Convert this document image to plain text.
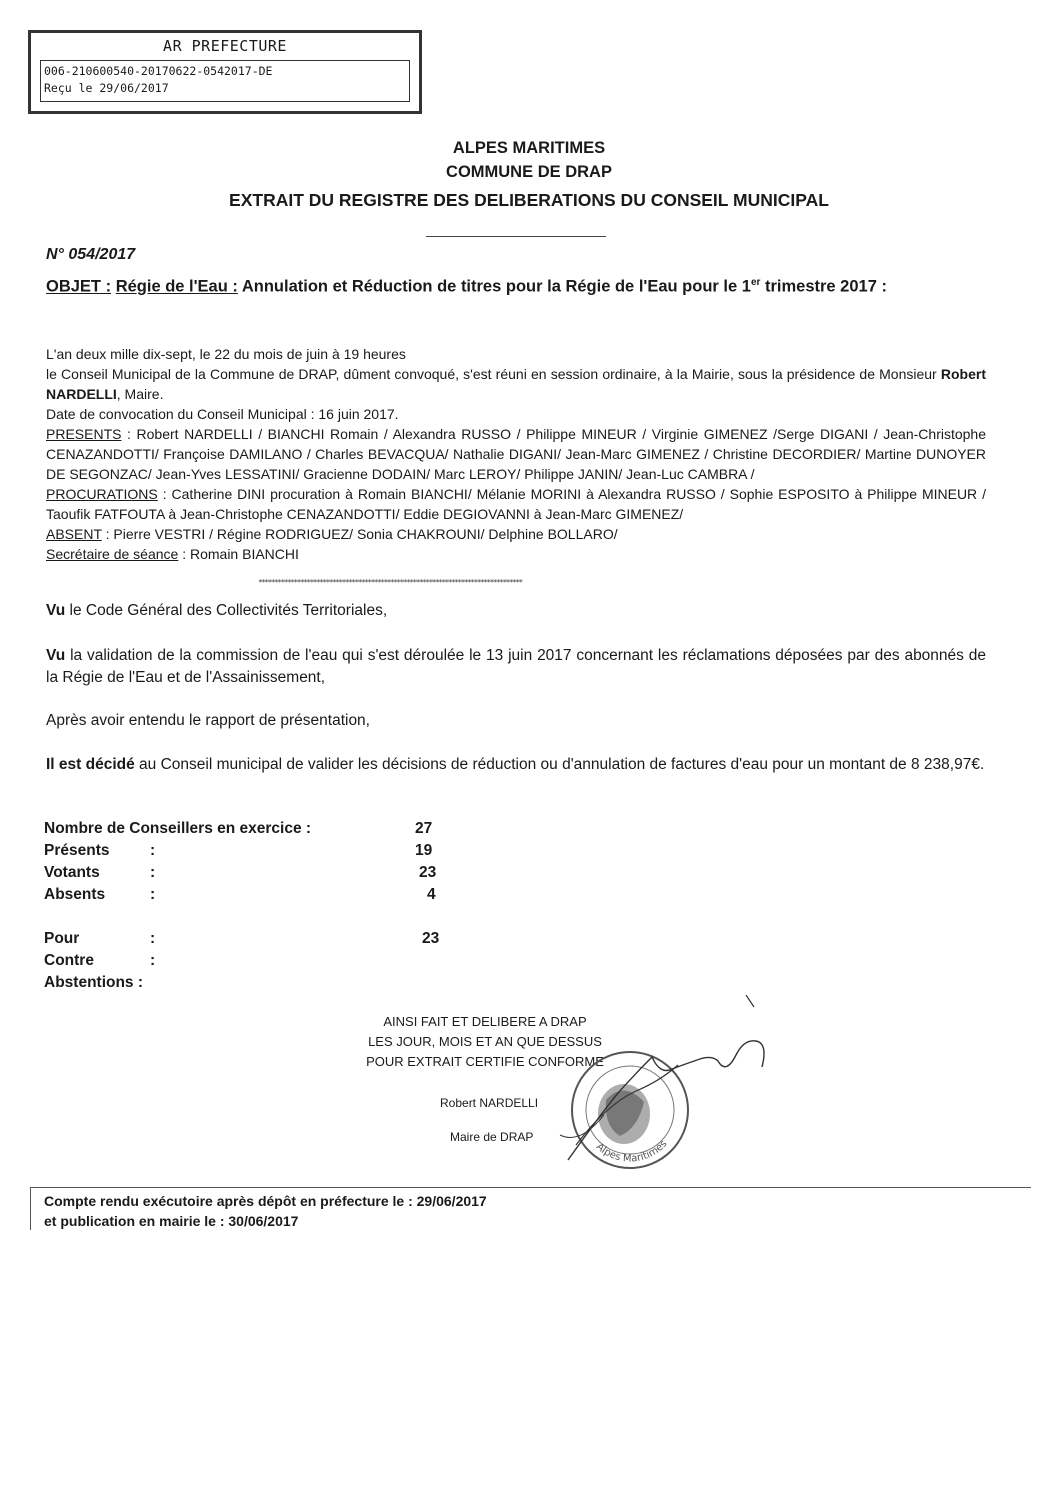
AR PREFECTURE
006-210600540-20170622-0542017-DE
Reçu le 29/06/2017
ALPES MARITIMES
COMMUNE DE DRAP
EXTRAIT DU REGISTRE DES DELIBERATIONS DU CONSEIL MUNICIPAL
N° 054/2017
OBJET : Régie de l'Eau : Annulation et Réduction de titres pour la Régie de l'Eau pour le 1er trimestre 2017 :
L'an deux mille dix-sept, le 22 du mois de juin à 19 heures
le Conseil Municipal de la Commune de DRAP, dûment convoqué, s'est réuni en session ordinaire, à la Mairie, sous la présidence de Monsieur Robert NARDELLI, Maire.
Date de convocation du Conseil Municipal : 16 juin 2017.
PRESENTS : Robert NARDELLI / BIANCHI Romain / Alexandra RUSSO / Philippe MINEUR / Virginie GIMENEZ /Serge DIGANI / Jean-Christophe CENAZANDOTTI/ Françoise DAMILANO / Charles BEVACQUA/ Nathalie DIGANI/ Jean-Marc GIMENEZ / Christine DECORDIER/ Martine DUNOYER DE SEGONZAC/ Jean-Yves LESSATINI/ Gracienne DODAIN/ Marc LEROY/ Philippe JANIN/ Jean-Luc CAMBRA /
PROCURATIONS : Catherine DINI procuration à Romain BIANCHI/ Mélanie MORINI à Alexandra RUSSO / Sophie ESPOSITO à Philippe MINEUR / Taoufik FATFOUTA à Jean-Christophe CENAZANDOTTI/ Eddie DEGIOVANNI à Jean-Marc GIMENEZ/
ABSENT : Pierre VESTRI / Régine RODRIGUEZ/ Sonia CHAKROUNI/ Delphine BOLLARO/
Secrétaire de séance : Romain BIANCHI
**********************************************************************************
Vu le Code Général des Collectivités Territoriales,
Vu la validation de la commission de l'eau qui s'est déroulée le 13 juin 2017 concernant les réclamations déposées par des abonnés de la Régie de l'Eau et de l'Assainissement,
Après avoir entendu le rapport de présentation,
Il est décidé au Conseil municipal de valider les décisions de réduction ou d'annulation de factures d'eau pour un montant de 8 238,97€.
Nombre de Conseillers en exercice :	27
Présents	:	19
Votants	:	23
Absents	:	4
Pour	:	23
Contre	:
Abstentions :
AINSI FAIT ET DELIBERE A DRAP
LES JOUR, MOIS ET AN QUE DESSUS
POUR EXTRAIT CERTIFIE CONFORME
Robert NARDELLI
Maire de DRAP
Alpes Maritimes
Compte rendu exécutoire après dépôt en préfecture le : 29/06/2017
et publication en mairie le : 30/06/2017
